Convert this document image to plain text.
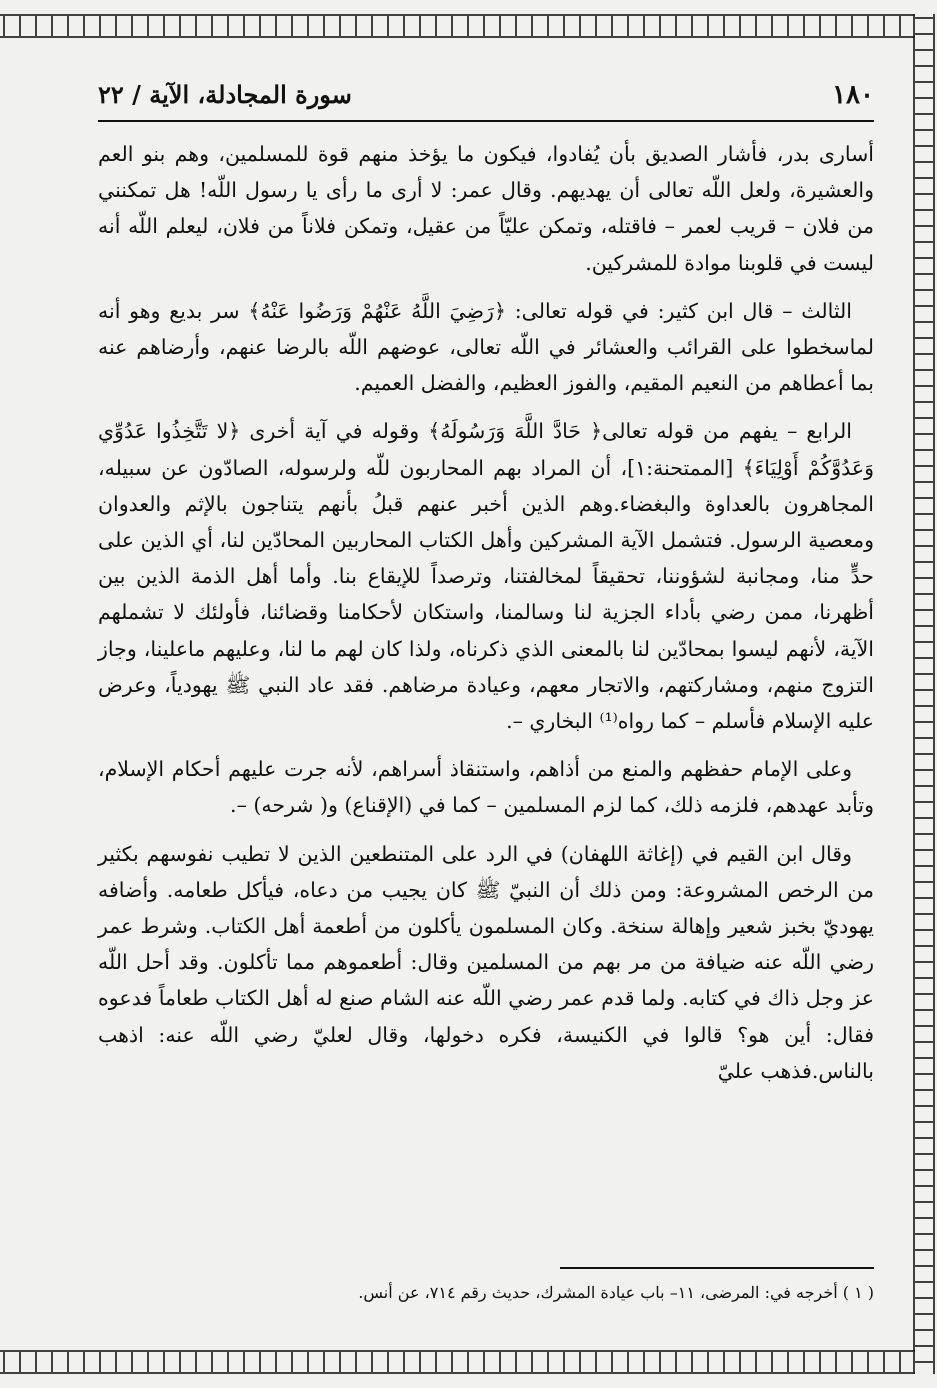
١٨٠
سورة المجادلة، الآية / ٢٢

أسارى بدر، فأشار الصديق بأن يُفادوا، فيكون ما يؤخذ منهم قوة للمسلمين، وهم بنو العم والعشيرة، ولعل اللّه تعالى أن يهديهم. وقال عمر: لا أرى ما رأى يا رسول اللّه! هل تمكنني من فلان – قريب لعمر – فاقتله، وتمكن عليّاً من عقيل، وتمكن فلاناً من فلان، ليعلم اللّه أنه ليست في قلوبنا موادة للمشركين.

الثالث – قال ابن كثير: في قوله تعالى: ﴿رَضِيَ اللَّهُ عَنْهُمْ وَرَضُوا عَنْهُ﴾ سر بديع وهو أنه لماسخطوا على القرائب والعشائر في اللّه تعالى، عوضهم اللّه بالرضا عنهم، وأرضاهم عنه بما أعطاهم من النعيم المقيم، والفوز العظيم، والفضل العميم.

الرابع – يفهم من قوله تعالى﴿ حَادَّ اللَّهَ وَرَسُولَهُ﴾ وقوله في آية أخرى ﴿لا تَتَّخِذُوا عَدُوِّي وَعَدُوَّكُمْ أَوْلِيَاءَ﴾ [الممتحنة:١]، أن المراد بهم المحاربون للّه ولرسوله، الصادّون عن سبيله، المجاهرون بالعداوة والبغضاء.وهم الذين أخبر عنهم قبلُ بأنهم يتناجون بالإثم والعدوان ومعصية الرسول. فتشمل الآية المشركين وأهل الكتاب المحاربين المحادّين لنا، أي الذين على حدٍّ منا، ومجانبة لشؤوننا، تحقيقاً لمخالفتنا، وترصداً للإيقاع بنا. وأما أهل الذمة الذين بين أظهرنا، ممن رضي بأداء الجزية لنا وسالمنا، واستكان لأحكامنا وقضائنا، فأولئك لا تشملهم الآية، لأنهم ليسوا بمحادّين لنا بالمعنى الذي ذكرناه، ولذا كان لهم ما لنا، وعليهم ماعلينا، وجاز التزوج منهم، ومشاركتهم، والاتجار معهم، وعيادة مرضاهم. فقد عاد النبي ﷺ يهودياً، وعرض عليه الإسلام فأسلم – كما رواه⁽¹⁾ البخاري –.

وعلى الإمام حفظهم والمنع من أذاهم، واستنقاذ أسراهم، لأنه جرت عليهم أحكام الإسلام، وتأبد عهدهم، فلزمه ذلك، كما لزم المسلمين – كما في (الإقناع) و( شرحه) –.

وقال ابن القيم في (إغاثة اللهفان) في الرد على المتنطعين الذين لا تطيب نفوسهم بكثير من الرخص المشروعة: ومن ذلك أن النبيّ ﷺ كان يجيب من دعاه، فيأكل طعامه. وأضافه يهوديّ بخبز شعير وإهالة سنخة. وكان المسلمون يأكلون من أطعمة أهل الكتاب. وشرط عمر رضي اللّه عنه ضيافة من مر بهم من المسلمين وقال: أطعموهم مما تأكلون. وقد أحل اللّه عز وجل ذاك في كتابه. ولما قدم عمر رضي اللّه عنه الشام صنع له أهل الكتاب طعاماً فدعوه فقال: أين هو؟ قالوا في الكنيسة، فكره دخولها، وقال لعليّ رضي اللّه عنه: اذهب بالناس.فذهب عليّ

( ١ ) أخرجه في: المرضى، ١١– باب عيادة المشرك، حديث رقم ٧١٤، عن أنس.
